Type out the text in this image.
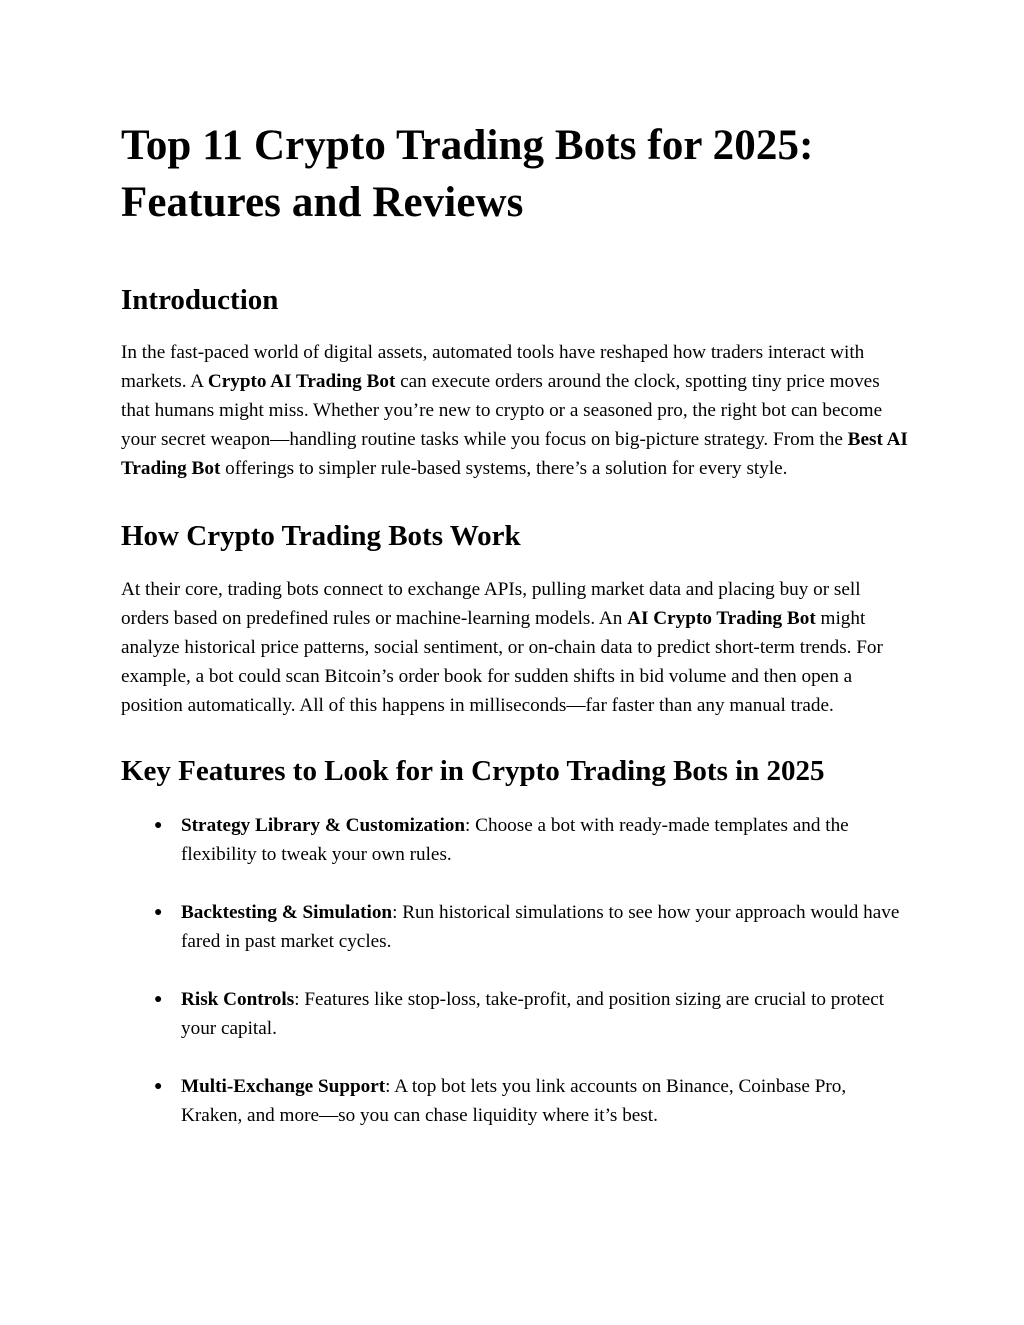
Top 11 Crypto Trading Bots for 2025: Features and Reviews
Introduction

In the fast-paced world of digital assets, automated tools have reshaped how traders interact with markets. A Crypto AI Trading Bot can execute orders around the clock, spotting tiny price moves that humans might miss. Whether you’re new to crypto or a seasoned pro, the right bot can become your secret weapon—handling routine tasks while you focus on big-picture strategy. From the Best AI Trading Bot offerings to simpler rule-based systems, there’s a solution for every style.

How Crypto Trading Bots Work

At their core, trading bots connect to exchange APIs, pulling market data and placing buy or sell orders based on predefined rules or machine-learning models. An AI Crypto Trading Bot might analyze historical price patterns, social sentiment, or on-chain data to predict short-term trends. For example, a bot could scan Bitcoin’s order book for sudden shifts in bid volume and then open a position automatically. All of this happens in milliseconds—far faster than any manual trade.

Key Features to Look for in Crypto Trading Bots in 2025
● Strategy Library & Customization: Choose a bot with ready-made templates and the flexibility to tweak your own rules.
● Backtesting & Simulation: Run historical simulations to see how your approach would have fared in past market cycles.
● Risk Controls: Features like stop-loss, take-profit, and position sizing are crucial to protect your capital.
● Multi-Exchange Support: A top bot lets you link accounts on Binance, Coinbase Pro, Kraken, and more—so you can chase liquidity where it’s best.
